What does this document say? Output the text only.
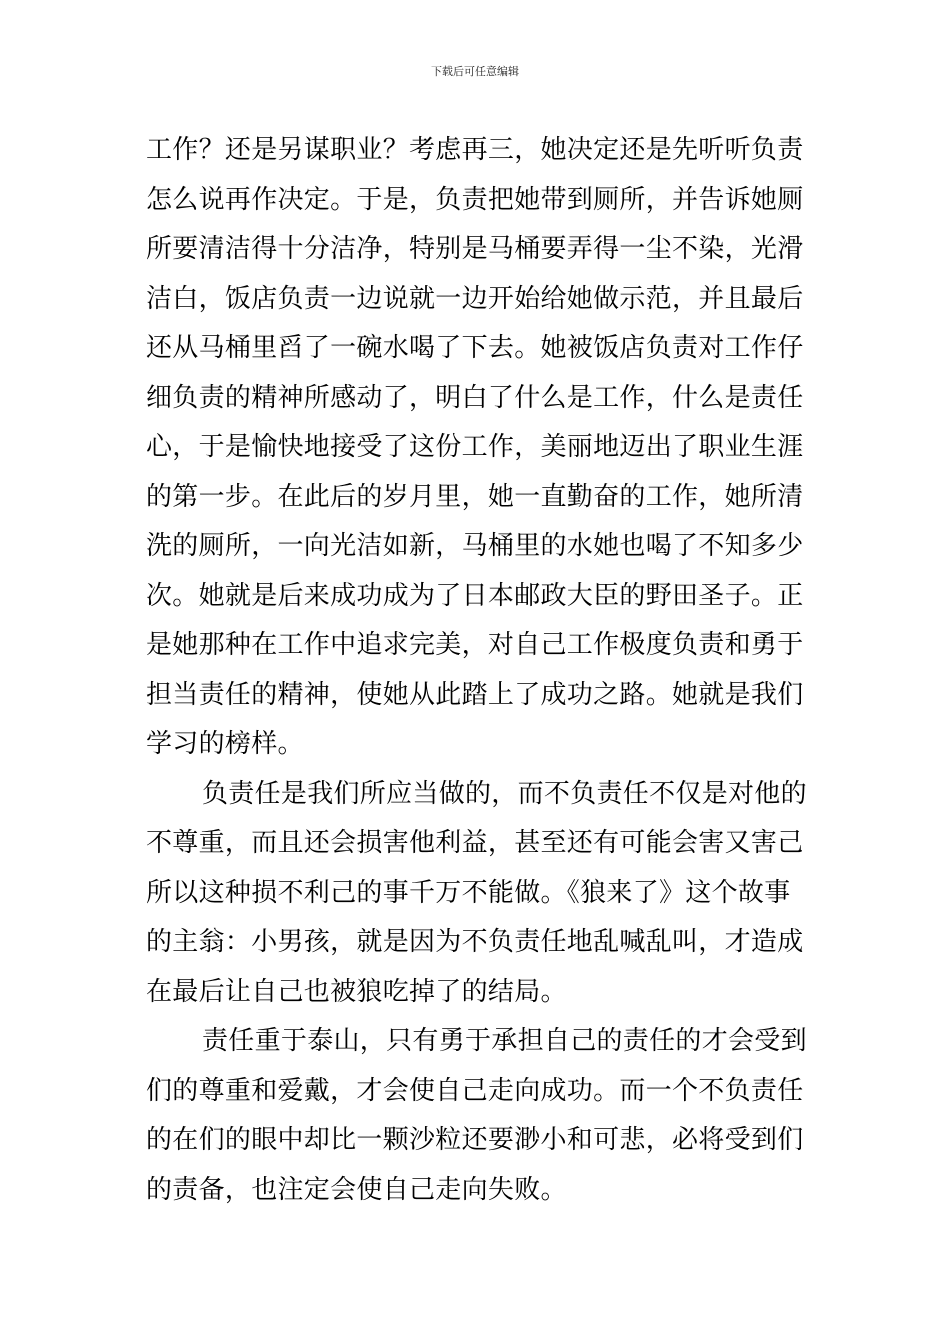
下载后可任意编辑
工作？还是另谋职业？考虑再三，她决定还是先听听负责
怎么说再作决定。于是，负责把她带到厕所，并告诉她厕
所要清洁得十分洁净，特别是马桶要弄得一尘不染，光滑
洁白，饭店负责一边说就一边开始给她做示范，并且最后
还从马桶里舀了一碗水喝了下去。她被饭店负责对工作仔
细负责的精神所感动了，明白了什么是工作，什么是责任
心，于是愉快地接受了这份工作，美丽地迈出了职业生涯
的第一步。在此后的岁月里，她一直勤奋的工作，她所清
洗的厕所，一向光洁如新，马桶里的水她也喝了不知多少
次。她就是后来成功成为了日本邮政大臣的野田圣子。正
是她那种在工作中追求完美，对自己工作极度负责和勇于
担当责任的精神，使她从此踏上了成功之路。她就是我们
学习的榜样。
负责任是我们所应当做的，而不负责任不仅是对他的
不尊重，而且还会损害他利益，甚至还有可能会害又害己
所以这种损不利己的事千万不能做。《狼来了》这个故事
的主翁：小男孩，就是因为不负责任地乱喊乱叫，才造成
在最后让自己也被狼吃掉了的结局。
责任重于泰山，只有勇于承担自己的责任的才会受到
们的尊重和爱戴，才会使自己走向成功。而一个不负责任
的在们的眼中却比一颗沙粒还要渺小和可悲，必将受到们
的责备，也注定会使自己走向失败。
